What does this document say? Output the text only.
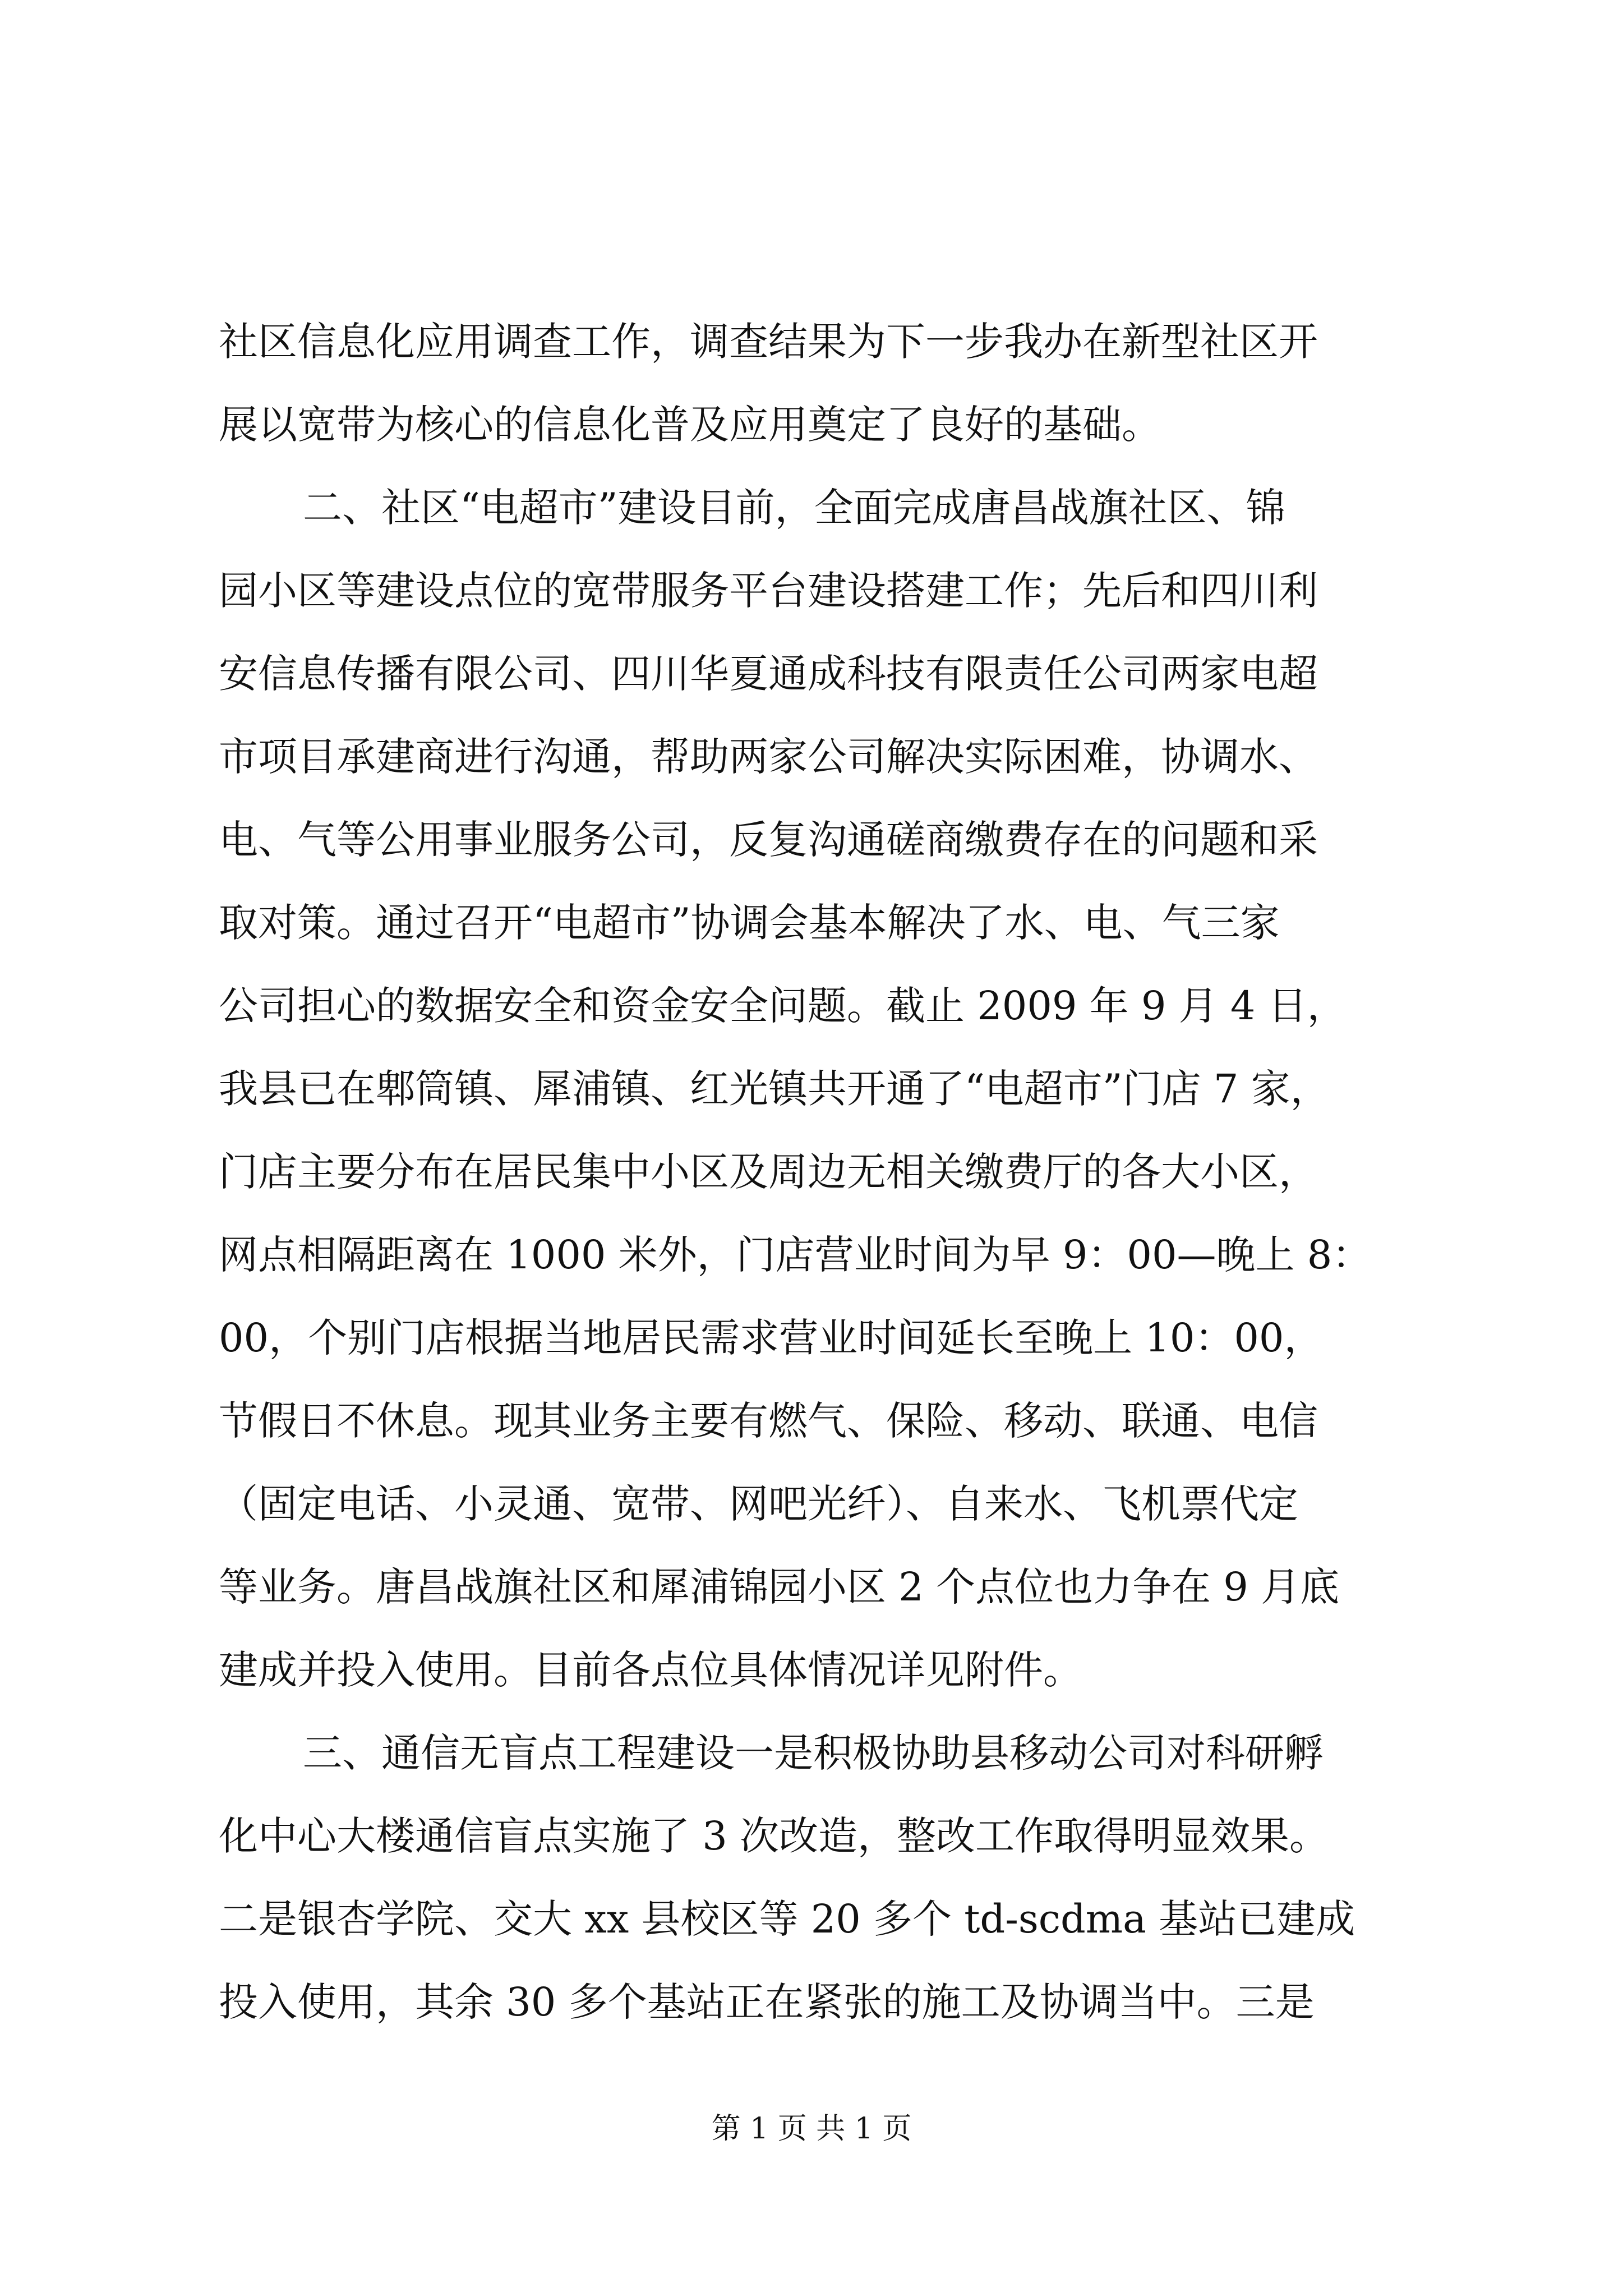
社区信息化应用调查工作，调查结果为下一步我办在新型社区开
展以宽带为核心的信息化普及应用奠定了良好的基础。
二、社区“电超市”建设目前，全面完成唐昌战旗社区、锦
园小区等建设点位的宽带服务平台建设搭建工作；先后和四川利
安信息传播有限公司、四川华夏通成科技有限责任公司两家电超
市项目承建商进行沟通，帮助两家公司解决实际困难，协调水、
电、气等公用事业服务公司，反复沟通磋商缴费存在的问题和采
取对策。通过召开“电超市”协调会基本解决了水、电、气三家
公司担心的数据安全和资金安全问题。截止 2009 年 9 月 4 日，
我县已在郫筒镇、犀浦镇、红光镇共开通了“电超市”门店 7 家，
门店主要分布在居民集中小区及周边无相关缴费厅的各大小区，
网点相隔距离在 1000 米外，门店营业时间为早 9：00—晚上 8：
00，个别门店根据当地居民需求营业时间延长至晚上 10：00，
节假日不休息。现其业务主要有燃气、保险、移动、联通、电信
（固定电话、小灵通、宽带、网吧光纤）、自来水、飞机票代定
等业务。唐昌战旗社区和犀浦锦园小区 2 个点位也力争在 9 月底
建成并投入使用。目前各点位具体情况详见附件。
三、通信无盲点工程建设一是积极协助县移动公司对科研孵
化中心大楼通信盲点实施了 3 次改造，整改工作取得明显效果。
二是银杏学院、交大 xx 县校区等 20 多个 td-scdma 基站已建成
投入使用，其余 30 多个基站正在紧张的施工及协调当中。三是
第 1 页 共 1 页
